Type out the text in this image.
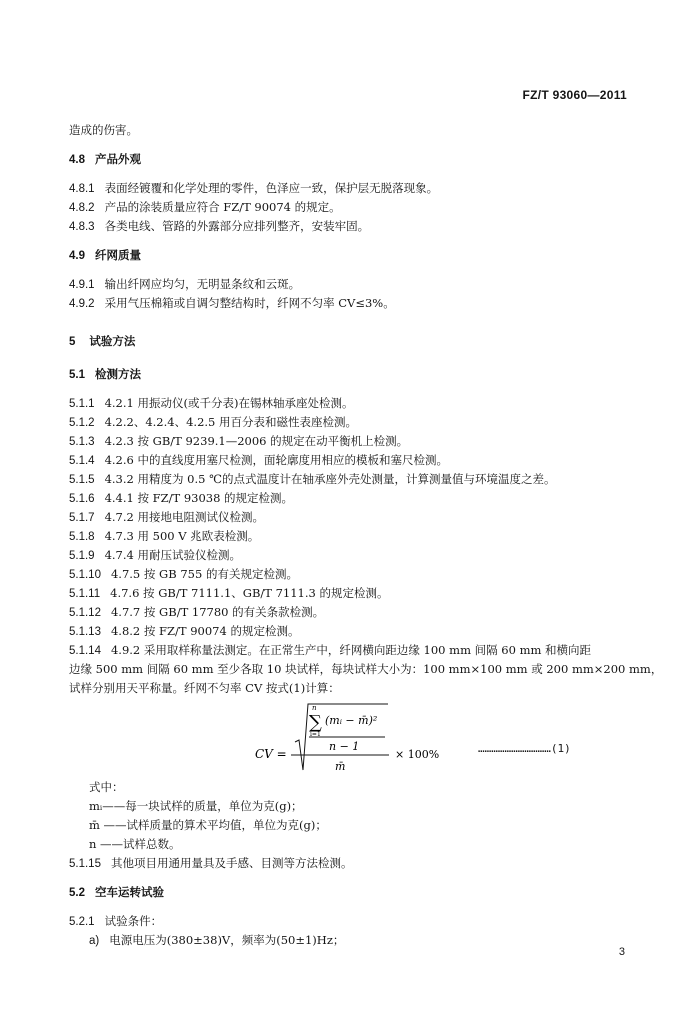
FZ/T 93060—2011
造成的伤害。
4.8 产品外观
4.8.1 表面经镀覆和化学处理的零件，色泽应一致，保护层无脱落现象。
4.8.2 产品的涂装质量应符合 FZ/T 90074 的规定。
4.8.3 各类电线、管路的外露部分应排列整齐，安装牢固。
4.9 纤网质量
4.9.1 输出纤网应均匀，无明显条纹和云斑。
4.9.2 采用气压棉箱或自调匀整结构时，纤网不匀率 CV≤3%。
5 试验方法
5.1 检测方法
5.1.1 4.2.1 用振动仪(或千分表)在锡林轴承座处检测。
5.1.2 4.2.2、4.2.4、4.2.5 用百分表和磁性表座检测。
5.1.3 4.2.3 按 GB/T 9239.1—2006 的规定在动平衡机上检测。
5.1.4 4.2.6 中的直线度用塞尺检测，面轮廓度用相应的模板和塞尺检测。
5.1.5 4.3.2 用精度为 0.5 ℃的点式温度计在轴承座外壳处测量，计算测量值与环境温度之差。
5.1.6 4.4.1 按 FZ/T 93038 的规定检测。
5.1.7 4.7.2 用接地电阻测试仪检测。
5.1.8 4.7.3 用 500 V 兆欧表检测。
5.1.9 4.7.4 用耐压试验仪检测。
5.1.10 4.7.5 按 GB 755 的有关规定检测。
5.1.11 4.7.6 按 GB/T 7111.1、GB/T 7111.3 的规定检测。
5.1.12 4.7.7 按 GB/T 17780 的有关条款检测。
5.1.13 4.8.2 按 FZ/T 90074 的规定检测。
5.1.14 4.9.2 采用取样称量法测定。在正常生产中，纤网横向距边缘 100 mm 间隔 60 mm 和横向距
边缘 500 mm 间隔 60 mm 至少各取 10 块试样，每块试样大小为：100 mm×100 mm 或 200 mm×200 mm，
试样分别用天平称量。纤网不匀率 CV 按式(1)计算：
式中：
mᵢ——每一块试样的质量，单位为克(g)；
m̄ ——试样质量的算术平均值，单位为克(g)；
n ——试样总数。
5.1.15 其他项目用通用量具及手感、目测等方法检测。
5.2 空车运转试验
5.2.1 试验条件：
a) 电源电压为(380±38)V，频率为(50±1)Hz；
n
∑
i=1
(mᵢ − m̄)²
n − 1
CV =
m̄
× 100%	……………………………(1)
3
